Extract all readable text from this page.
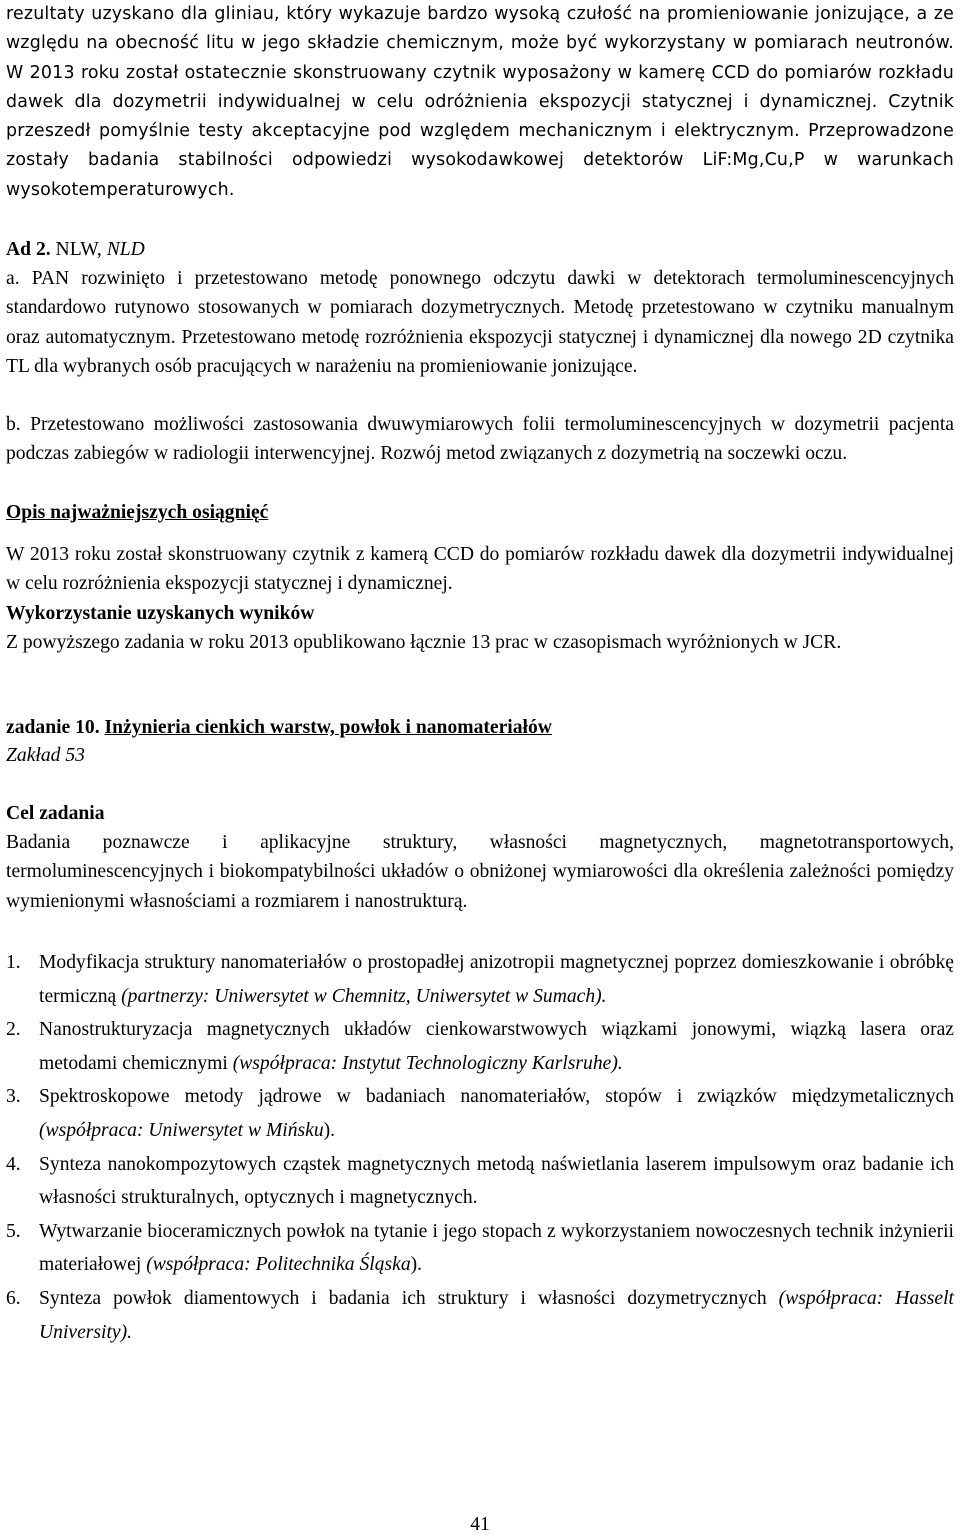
rezultaty uzyskano dla gliniau, który wykazuje bardzo wysoką czułość na promieniowanie jonizujące, a ze względu na obecność litu w jego składzie chemicznym, może być wykorzystany w pomiarach neutronów. W 2013 roku został ostatecznie skonstruowany czytnik wyposażony w kamerę CCD do pomiarów rozkładu dawek dla dozymetrii indywidualnej w celu odróżnienia ekspozycji statycznej i dynamicznej. Czytnik przeszedł pomyślnie testy akceptacyjne pod względem mechanicznym i elektrycznym. Przeprowadzone zostały badania stabilności odpowiedzi wysokodawkowej detektorów LiF:Mg,Cu,P w warunkach wysokotemperaturowych.

Ad 2. NLW, NLD

a. PAN rozwinięto i przetestowano metodę ponownego odczytu dawki w detektorach termoluminescencyjnych standardowo rutynowo stosowanych w pomiarach dozymetrycznych. Metodę przetestowano w czytniku manualnym oraz automatycznym. Przetestowano metodę rozróżnienia ekspozycji statycznej i dynamicznej dla nowego 2D czytnika TL dla wybranych osób pracujących w narażeniu na promieniowanie jonizujące.

b. Przetestowano możliwości zastosowania dwuwymiarowych folii termoluminescencyjnych w dozymetrii pacjenta podczas zabiegów w radiologii interwencyjnej. Rozwój metod związanych z dozymetrią na soczewki oczu.

Opis najważniejszych osiągnięć

W 2013 roku został skonstruowany czytnik z kamerą CCD do pomiarów rozkładu dawek dla dozymetrii indywidualnej w celu rozróżnienia ekspozycji statycznej i dynamicznej.

Wykorzystanie uzyskanych wyników

Z powyższego zadania w roku 2013 opublikowano łącznie 13 prac w czasopismach wyróżnionych w JCR.

zadanie 10. Inżynieria cienkich warstw, powłok i nanomateriałów

Zakład 53

Cel zadania

Badania poznawcze i aplikacyjne struktury, własności magnetycznych, magnetotransportowych, termoluminescencyjnych i biokompatybilności układów o obniżonej wymiarowości dla określenia zależności pomiędzy wymienionymi własnościami a rozmiarem i nanostrukturą.

1. Modyfikacja struktury nanomateriałów o prostopadłej anizotropii magnetycznej poprzez domieszkowanie i obróbkę termiczną (partnerzy: Uniwersytet w Chemnitz, Uniwersytet w Sumach).
2. Nanostrukturyzacja magnetycznych układów cienkowarstwowych wiązkami jonowymi, wiązką lasera oraz metodami chemicznymi (współpraca: Instytut Technologiczny Karlsruhe).
3. Spektroskopowe metody jądrowe w badaniach nanomateriałów, stopów i związków międzymetalicznych (współpraca: Uniwersytet w Mińsku).
4. Synteza nanokompozytowych cząstek magnetycznych metodą naświetlania laserem impulsowym oraz badanie ich własności strukturalnych, optycznych i magnetycznych.
5. Wytwarzanie bioceramicznych powłok na tytanie i jego stopach z wykorzystaniem nowoczesnych technik inżynierii materiałowej (współpraca: Politechnika Śląska).
6. Synteza powłok diamentowych i badania ich struktury i własności dozymetrycznych (współpraca: Hasselt University).
41
